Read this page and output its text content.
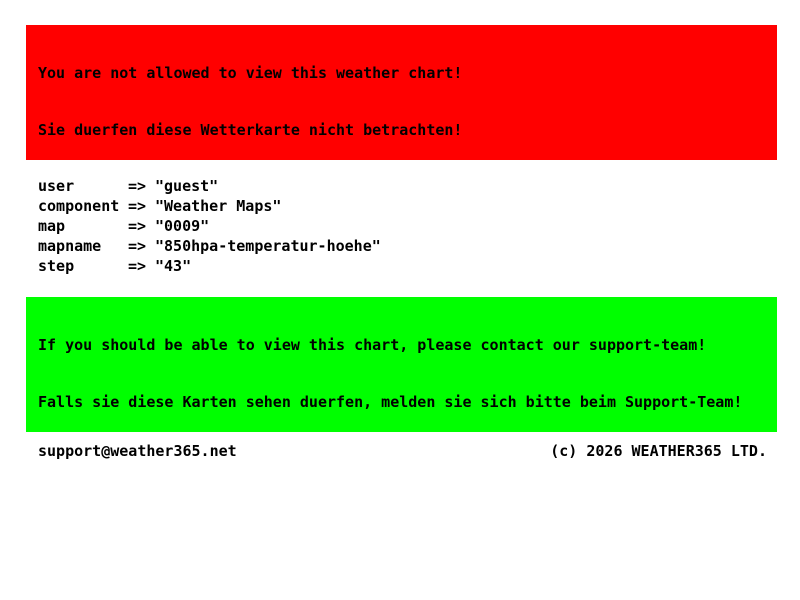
You are not allowed to view this weather chart!

Sie duerfen diese Wetterkarte nicht betrachten!

user	=> "guest"
component => "Weather Maps"
map	=> "0009"
mapname	=> "850hpa-temperatur-hoehe"
step	=> "43"

If you should be able to view this chart, please contact our support-team!

Falls sie diese Karten sehen duerfen, melden sie sich bitte beim Support-Team!

support@weather365.net	(c) 2026 WEATHER365 LTD.
